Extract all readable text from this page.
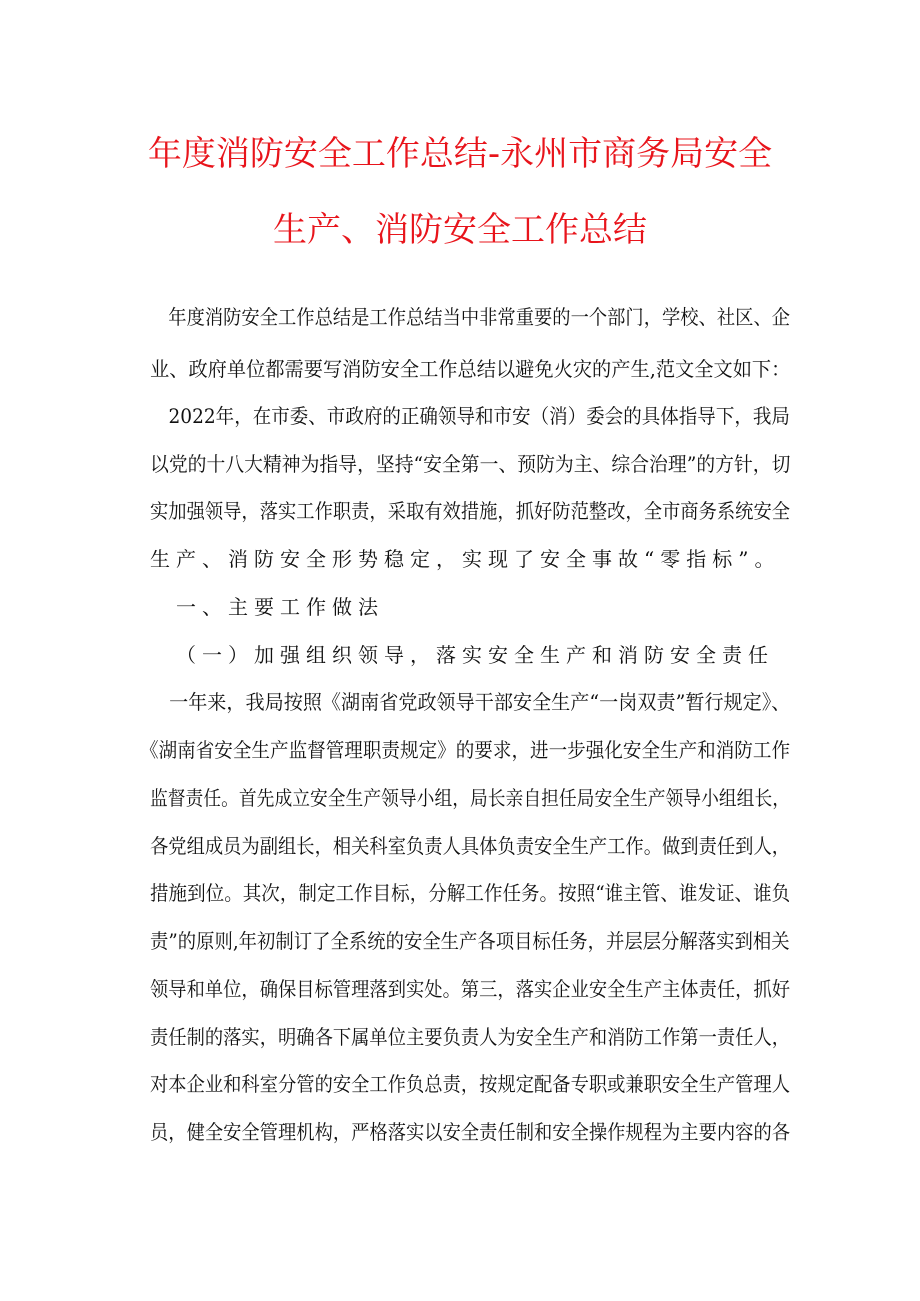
年度消防安全工作总结-永州市商务局安全
生产、消防安全工作总结
　年度消防安全工作总结是工作总结当中非常重要的一个部门，学校、社区、企
业、政府单位都需要写消防安全工作总结以避免火灾的产生,范文全文如下：
　2022年，在市委、市政府的正确领导和市安（消）委会的具体指导下，我局
以党的十八大精神为指导，坚持“安全第一、预防为主、综合治理”的方针，切
实加强领导，落实工作职责，采取有效措施，抓好防范整改，全市商务系统安全
生产、消防安全形势稳定，实现了安全事故“零指标”。
　一、主要工作做法
　（一）加强组织领导，落实安全生产和消防安全责任
　一年来，我局按照《湖南省党政领导干部安全生产“一岗双责”暂行规定》、
《湖南省安全生产监督管理职责规定》的要求，进一步强化安全生产和消防工作
监督责任。首先成立安全生产领导小组，局长亲自担任局安全生产领导小组组长，
各党组成员为副组长，相关科室负责人具体负责安全生产工作。做到责任到人，
措施到位。其次，制定工作目标，分解工作任务。按照“谁主管、谁发证、谁负
责”的原则,年初制订了全系统的安全生产各项目标任务，并层层分解落实到相关
领导和单位，确保目标管理落到实处。第三，落实企业安全生产主体责任，抓好
责任制的落实，明确各下属单位主要负责人为安全生产和消防工作第一责任人，
对本企业和科室分管的安全工作负总责，按规定配备专职或兼职安全生产管理人
员，健全安全管理机构，严格落实以安全责任制和安全操作规程为主要内容的各
